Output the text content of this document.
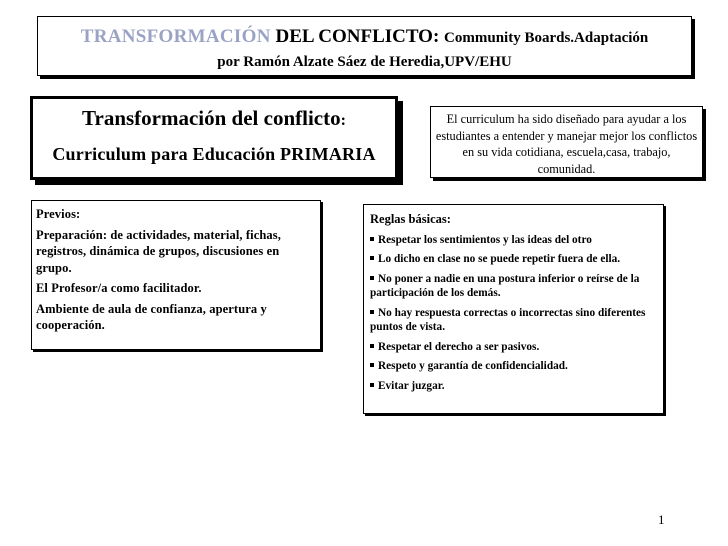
TRANSFORMACIÓN DEL CONFLICTO: Community Boards.Adaptación
por Ramón Alzate Sáez de Heredia,UPV/EHU
Transformación del conflicto:
Curriculum para Educación PRIMARIA
El curriculum ha sido diseñado para ayudar a los estudiantes a entender y manejar mejor los conflictos en su vida cotidiana, escuela,casa, trabajo, comunidad.

Previos:

Preparación: de actividades, material, fichas, registros, dinámica de grupos, discusiones en grupo.

El Profesor/a como facilitador.

Ambiente de aula de confianza, apertura y cooperación.

Reglas básicas:
Respetar los sentimientos y las ideas del otro
Lo dicho en clase no se puede repetir fuera de ella.
No poner a nadie en una postura inferior o reírse de la participación de los demás.
No hay respuesta correctas o incorrectas sino diferentes puntos de vista.
Respetar el derecho a ser pasivos.
Respeto y garantía de confidencialidad.
Evitar juzgar.
1
